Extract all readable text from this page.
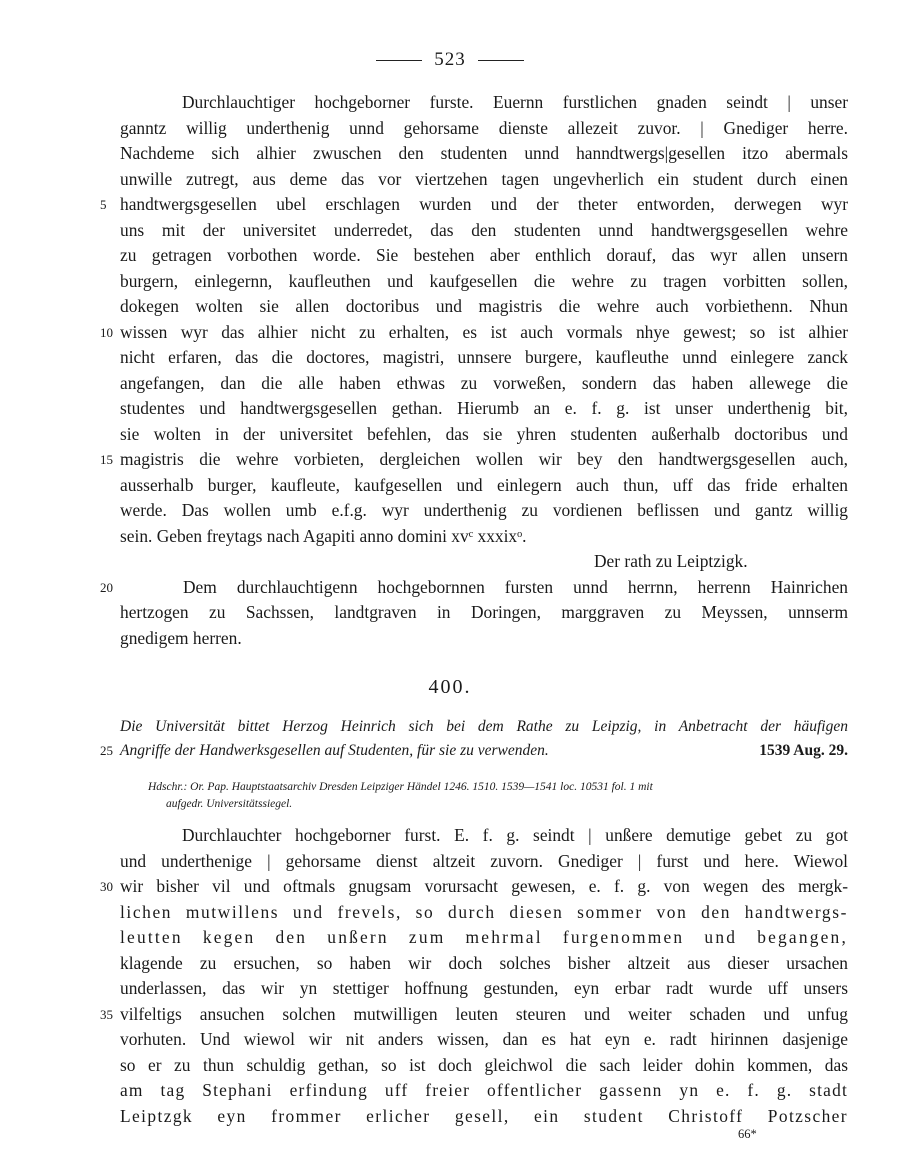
523
Durchlauchtiger hochgeborner furste. Euernn furstlichen gnaden seindt | unser
ganntz willig underthenig unnd gehorsame dienste allezeit zuvor. | Gnediger herre.
Nachdeme sich alhier zwuschen den studenten unnd hanndtwergs|gesellen itzo abermals
unwille zutregt, aus deme das vor viertzehen tagen ungevherlich ein student durch einen
5 handtwergsgesellen ubel erschlagen wurden und der theter entworden, derwegen wyr
uns mit der universitet underredet, das den studenten unnd handtwergsgesellen wehre
zu getragen vorbothen worde. Sie bestehen aber enthlich dorauf, das wyr allen unsern
burgern, einlegernn, kaufleuthen und kaufgesellen die wehre zu tragen vorbitten sollen,
dokegen wolten sie allen doctoribus und magistris die wehre auch vorbiethenn. Nhun
10 wissen wyr das alhier nicht zu erhalten, es ist auch vormals nhye gewest; so ist alhier
nicht erfaren, das die doctores, magistri, unnsere burgere, kaufleuthe unnd einlegere zanck
angefangen, dan die alle haben ethwas zu vorweßen, sondern das haben allewege die
studentes und handtwergsgesellen gethan. Hierumb an e. f. g. ist unser underthenig bit,
sie wolten in der universitet befehlen, das sie yhren studenten außerhalb doctoribus und
15 magistris die wehre vorbieten, dergleichen wollen wir bey den handtwergsgesellen auch,
ausserhalb burger, kaufleute, kaufgesellen und einlegern auch thun, uff das fride erhalten
werde. Das wollen umb e.f.g. wyr underthenig zu vordienen beflissen und gantz willig
sein. Geben freytags nach Agapiti anno domini xvᶜ xxxixᵒ.
Der rath zu Leiptzigk.
20	Dem durchlauchtigenn hochgebornnen fursten unnd herrnn, herrenn Hainrichen
hertzogen zu Sachssen, landtgraven in Doringen, marggraven zu Meyssen, unnserm
gnedigem herren.
400.
Die Universität bittet Herzog Heinrich sich bei dem Rathe zu Leipzig, in Anbetracht der häufigen
25 Angriffe der Handwerksgesellen auf Studenten, für sie zu verwenden.	1539 Aug. 29.
Hdschr.: Or. Pap. Hauptstaatsarchiv Dresden Leipziger Händel 1246. 1510. 1539—1541 loc. 10531 fol. 1 mit
aufgedr. Universitätssiegel.
Durchlauchter hochgeborner furst. E. f. g. seindt | unßere demutige gebet zu got
und underthenige | gehorsame dienst altzeit zuvorn. Gnediger | furst und here. Wiewol
30 wir bisher vil und oftmals gnugsam vorursacht gewesen, e. f. g. von wegen des mergk-
lichen mutwillens und frevels, so durch diesen sommer von den handtwergs-
leutten kegen den unßern zum mehrmal furgenommen und begangen,
klagende zu ersuchen, so haben wir doch solches bisher altzeit aus dieser ursachen
underlassen, das wir yn stettiger hoffnung gestunden, eyn erbar radt wurde uff unsers
35 vilfeltigs ansuchen solchen mutwilligen leuten steuren und weiter schaden und unfug
vorhuten. Und wiewol wir nit anders wissen, dan es hat eyn e. radt hirinnen dasjenige
so er zu thun schuldig gethan, so ist doch gleichwol die sach leider dohin kommen, das
am tag Stephani erfindung uff freier offentlicher gassenn yn e. f. g. stadt
Leiptzgk eyn frommer erlicher gesell, ein student Christoff Potzscher
66*
